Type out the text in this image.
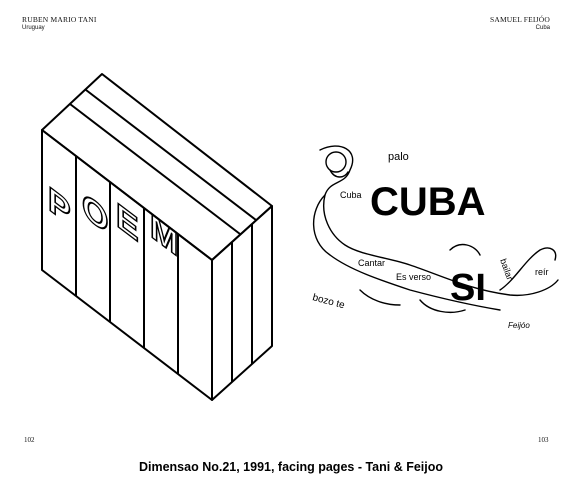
RUBEN MARIO TANI
Uruguay
SAMUEL FEIJÓO
Cuba
P O E M
CUBA
SI
palo
Cuba
Cantar	bailar
Es verso	reír
bozo te
Feijóo
102	103
Dimensao No.21, 1991, facing pages - Tani & Feijoo
